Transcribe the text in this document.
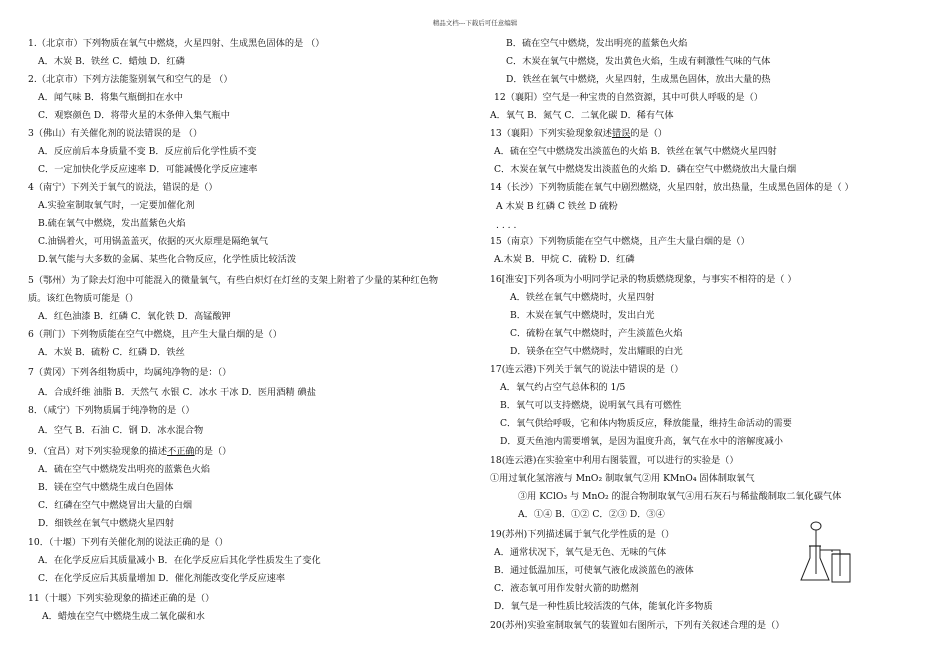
精品文档---下载后可任意编辑
1.（北京市）下列物质在氧气中燃烧，火星四射、生成黑色固体的是 （）
A．木炭 B．铁丝 C．蜡烛 D．红磷
2.（北京市）下列方法能鉴别氧气和空气的是 （）
A．闻气味 B．将集气瓶倒扣在水中
C．观察颜色 D．将带火星的木条伸入集气瓶中
3（佛山）有关催化剂的说法错误的是 （）
A．反应前后本身质量不变 B．反应前后化学性质不变
C．一定加快化学反应速率 D．可能减慢化学反应速率
4（南宁）下列关于氧气的说法，错误的是（）
A.实验室制取氧气时，一定要加催化剂
B.硫在氧气中燃烧，发出蓝紫色火焰
C.油锅着火，可用锅盖盖灭，依据的灭火原理是隔绝氧气
D.氧气能与大多数的金属、某些化合物反应，化学性质比较活泼
5（鄂州）为了除去灯泡中可能混入的微量氧气，有些白炽灯在灯丝的支架上附着了少量的某种红色物
质。该红色物质可能是（）
A．红色油漆 B．红磷 C．氧化铁 D．高锰酸钾
6（荆门）下列物质能在空气中燃烧，且产生大量白烟的是（）
A．木炭 B．硫粉 C．红磷 D．铁丝
7（黄冈）下列各组物质中，均属纯净物的是：（）
A．合成纤维 油脂 B．天然气 水银 C．冰水 干冰 D．医用酒精 碘盐
8．（咸宁）下列物质属于纯净物的是（）
A．空气 B．石油 C．钢 D．冰水混合物
9．（宜昌）对下列实验现象的描述不正确的是（）
A．硫在空气中燃烧发出明亮的蓝紫色火焰
B．镁在空气中燃烧生成白色固体
C．红磷在空气中燃烧冒出大量的白烟
D．细铁丝在氧气中燃烧火星四射
10．（十堰）下列有关催化剂的说法正确的是（）
A．在化学反应后其质量减小 B．在化学反应后其化学性质发生了变化
C．在化学反应后其质量增加 D．催化剂能改变化学反应速率
11（十堰）下列实验现象的描述正确的是（）
A．蜡烛在空气中燃烧生成二氧化碳和水
B．硫在空气中燃烧，发出明亮的蓝紫色火焰
C．木炭在氧气中燃烧，发出黄色火焰，生成有刺激性气味的气体
D．铁丝在氧气中燃烧，火星四射，生成黑色固体，放出大量的热
12（襄阳）空气是一种宝贵的自然资源，其中可供人呼吸的是（）
A．氧气 B．氮气 C．二氧化碳 D．稀有气体
13（襄阳）下列实验现象叙述错误的是（）
A．硫在空气中燃烧发出淡蓝色的火焰 B．铁丝在氧气中燃烧火星四射
C．木炭在氧气中燃烧发出淡蓝色的火焰 D．磷在空气中燃烧放出大量白烟
14（长沙）下列物质能在氧气中剧烈燃烧，火星四射，放出热量，生成黑色固体的是（ ）
A 木炭 B 红磷 C 铁丝 D 硫粉
. . . .
15（南京）下列物质能在空气中燃烧，且产生大量白烟的是（）
A.木炭 B．甲烷 C．硫粉 D．红磷
16[淮安]下列各项为小明同学记录的物质燃烧现象，与事实不相符的是（ ）
A．铁丝在氧气中燃烧时，火星四射
B．木炭在氧气中燃烧时，发出白光
C．硫粉在氧气中燃烧时，产生淡蓝色火焰
D．镁条在空气中燃烧时，发出耀眼的白光
17(连云港)下列关于氧气的说法中错误的是（）
A．氧气约占空气总体积的 1/5
B．氧气可以支持燃烧，说明氧气具有可燃性
C．氧气供给呼吸，它和体内物质反应，释放能量，维持生命活动的需要
D．夏天鱼池内需要增氧，是因为温度升高，氧气在水中的溶解度减小
18(连云港)在实验室中利用右图装置，可以进行的实验是（）
①用过氧化氢溶液与 MnO₂ 制取氧气②用 KMnO₄ 固体制取氧气
③用 KClO₃ 与 MnO₂ 的混合物制取氧气④用石灰石与稀盐酸制取二氧化碳气体
A．①④ B．①② C．②③ D．③④
19(苏州)下列描述属于氧气化学性质的是（）
A．通常状况下，氧气是无色、无味的气体
B．通过低温加压，可使氧气液化成淡蓝色的液体
C．液态氧可用作发射火箭的助燃剂
D．氧气是一种性质比较活泼的气体，能氧化许多物质
20(苏州)实验室制取氧气的装置如右图所示，下列有关叙述合理的是（）
